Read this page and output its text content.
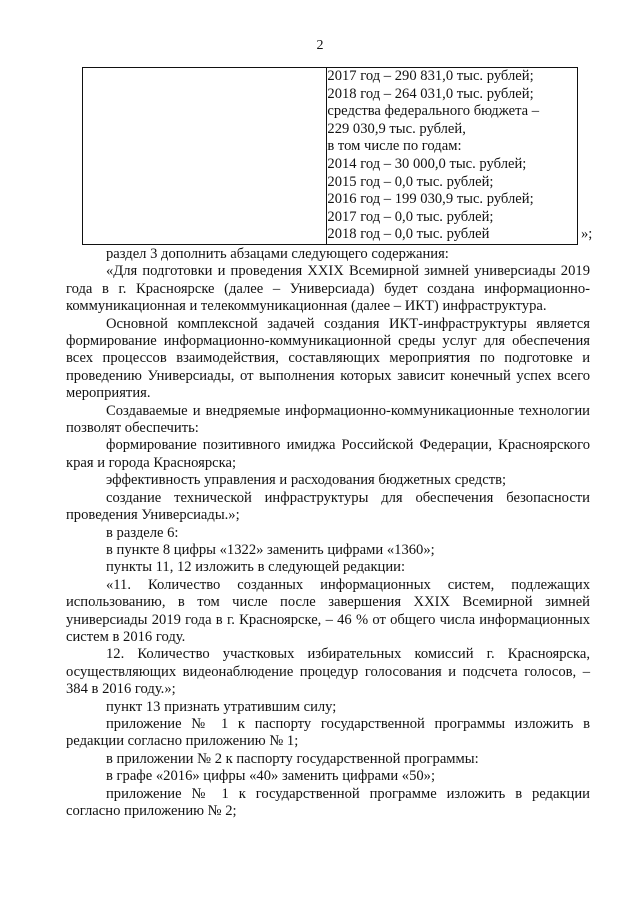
2

2017 год – 290 831,0 тыс. рублей;
2018 год – 264 031,0 тыс. рублей;
средства федерального бюджета –
229 030,9 тыс. рублей,
в том числе по годам:
2014 год – 30 000,0 тыс. рублей;
2015 год – 0,0 тыс. рублей;
2016 год – 199 030,9 тыс. рублей;
2017 год – 0,0 тыс. рублей;
2018 год – 0,0 тыс. рублей	»;

раздел 3 дополнить абзацами следующего содержания:

«Для подготовки и проведения XXIX Всемирной зимней универсиады 2019 года в г. Красноярске (далее – Универсиада) будет создана информационно-коммуникационная и телекоммуникационная (далее – ИКТ) инфраструктура.

Основной комплексной задачей создания ИКТ-инфраструктуры является формирование информационно-коммуникационной среды услуг для обеспечения всех процессов взаимодействия, составляющих мероприятия по подготовке и проведению Универсиады, от выполнения которых зависит конечный успех всего мероприятия.

Создаваемые и внедряемые информационно-коммуникационные технологии позволят обеспечить:

формирование позитивного имиджа Российской Федерации, Красноярского края и города Красноярска;

эффективность управления и расходования бюджетных средств;

создание технической инфраструктуры для обеспечения безопасности проведения Универсиады.»;

в разделе 6:

в пункте 8 цифры «1322» заменить цифрами «1360»;

пункты 11, 12 изложить в следующей редакции:

«11. Количество созданных информационных систем, подлежащих использованию, в том числе после завершения XXIX Всемирной зимней универсиады 2019 года в г. Красноярске, – 46 % от общего числа информационных систем в 2016 году.

12. Количество участковых избирательных комиссий г. Красноярска, осуществляющих видеонаблюдение процедур голосования и подсчета голосов, – 384 в 2016 году.»;

пункт 13 признать утратившим силу;

приложение № 1 к паспорту государственной программы изложить в редакции согласно приложению № 1;

в приложении № 2 к паспорту государственной программы:

в графе «2016» цифры «40» заменить цифрами «50»;

приложение № 1 к государственной программе изложить в редакции согласно приложению № 2;
